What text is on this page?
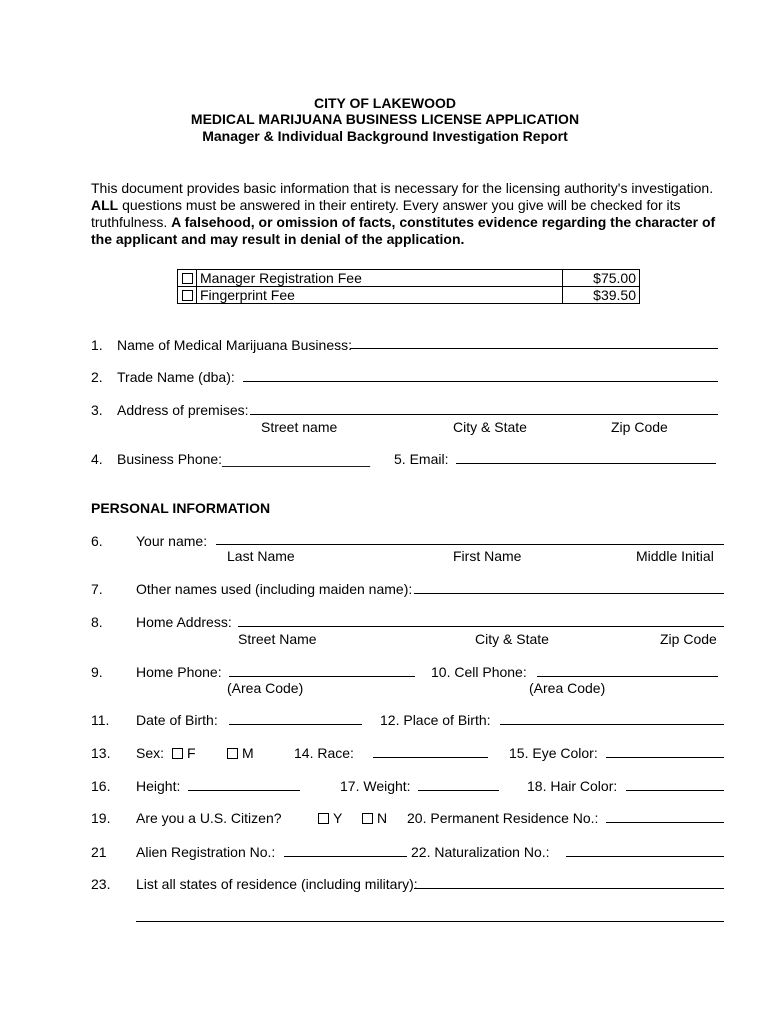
CITY OF LAKEWOOD
MEDICAL MARIJUANA BUSINESS LICENSE APPLICATION
Manager & Individual Background Investigation Report
This document provides basic information that is necessary for the licensing authority's investigation.
ALL questions must be answered in their entirety. Every answer you give will be checked for its truthfulness. A falsehood, or omission of facts, constitutes evidence regarding the character of the applicant and may result in denial of the application.
	Manager Registration Fee	$75.00
	Fingerprint Fee	$39.50
1. Name of Medical Marijuana Business:
2. Trade Name (dba):
3. Address of premises:
Street name	City & State	Zip Code
4. Business Phone:___________________ 5. Email:
PERSONAL INFORMATION
6. Your name:
Last Name	First Name	Middle Initial
7. Other names used (including maiden name):
8. Home Address:
Street Name	City & State	Zip Code
9. Home Phone:
(Area Code)
10. Cell Phone:
(Area Code)
11. Date of Birth:	12. Place of Birth:
13. Sex: F	M	14. Race:	15. Eye Color:
16. Height:	17. Weight:	18. Hair Color:
19. Are you a U.S. Citizen?	Y N 20. Permanent Residence No.:
21 Alien Registration No.:	22. Naturalization No.:
23. List all states of residence (including military):
